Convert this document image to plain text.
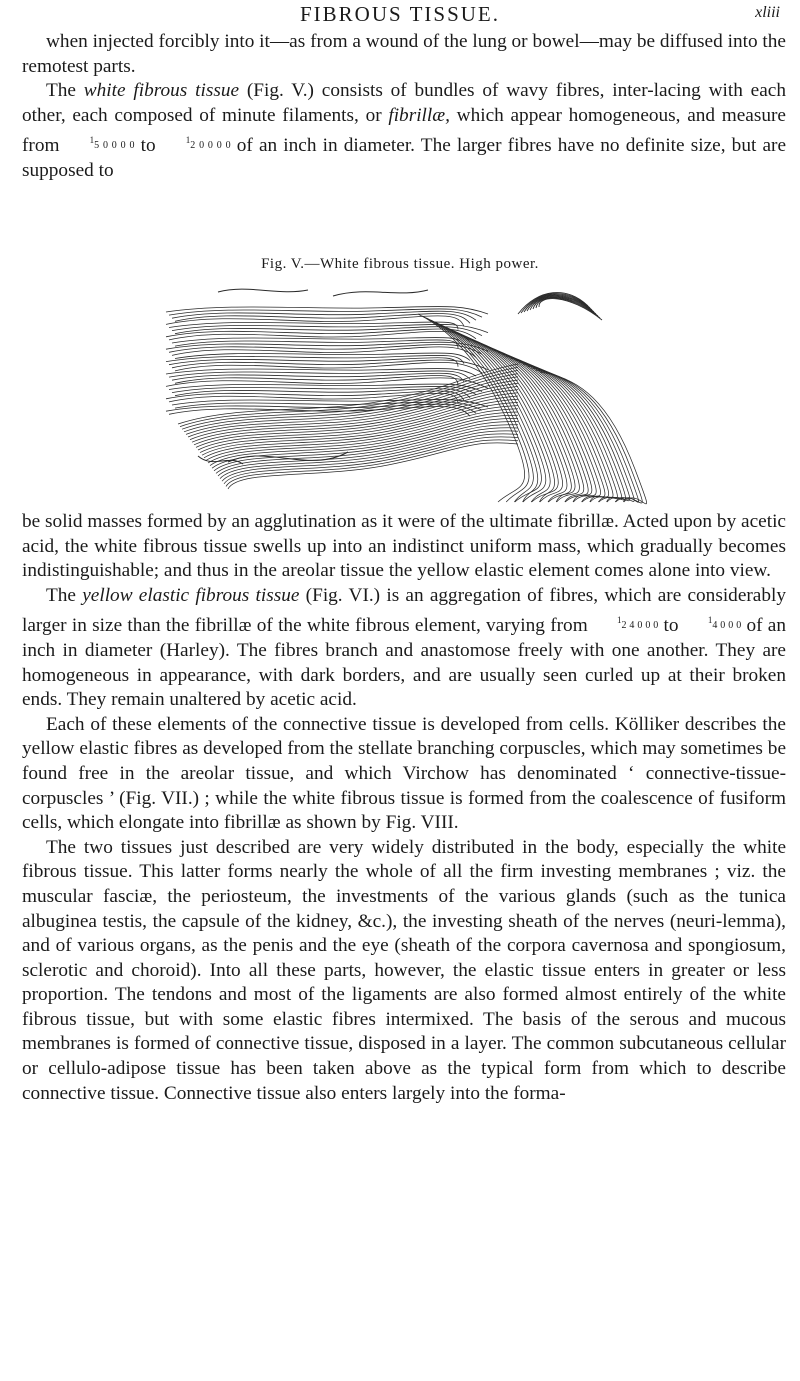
FIBROUS TISSUE.	xliii

when injected forcibly into it—as from a wound of the lung or bowel—may be diffused into the remotest parts.

The white fibrous tissue (Fig. V.) consists of bundles of wavy fibres, inter-lacing with each other, each composed of minute filaments, or fibrillæ, which appear homogeneous, and measure from	15 0 0 0 0 to	12 0 0 0 0 of an inch in diameter. The larger fibres have no definite size, but are supposed to

Fig. V.—White fibrous tissue. High power.

be solid masses formed by an agglutination as it were of the ultimate fibrillæ. Acted upon by acetic acid, the white fibrous tissue swells up into an indistinct uniform mass, which gradually becomes indistinguishable; and thus in the areolar tissue the yellow elastic element comes alone into view.

The yellow elastic fibrous tissue (Fig. VI.) is an aggregation of fibres, which are considerably larger in size than the fibrillæ of the white fibrous element, varying from	12 4 0 0 0 to	14 0 0 0 of an inch in diameter (Harley). The fibres branch and anastomose freely with one another. They are homogeneous in appearance, with dark borders, and are usually seen curled up at their broken ends. They remain unaltered by acetic acid.

Each of these elements of the connective tissue is developed from cells. Kölliker describes the yellow elastic fibres as developed from the stellate branching corpuscles, which may sometimes be found free in the areolar tissue, and which Virchow has denominated ‘ connective-tissue-corpuscles ’ (Fig. VII.) ; while the white fibrous tissue is formed from the coalescence of fusiform cells, which elongate into fibrillæ as shown by Fig. VIII.

The two tissues just described are very widely distributed in the body, especially the white fibrous tissue. This latter forms nearly the whole of all the firm investing membranes ; viz. the muscular fasciæ, the periosteum, the investments of the various glands (such as the tunica albuginea testis, the capsule of the kidney, &c.), the investing sheath of the nerves (neuri-lemma), and of various organs, as the penis and the eye (sheath of the corpora cavernosa and spongiosum, sclerotic and choroid). Into all these parts, however, the elastic tissue enters in greater or less proportion. The tendons and most of the ligaments are also formed almost entirely of the white fibrous tissue, but with some elastic fibres intermixed. The basis of the serous and mucous membranes is formed of connective tissue, disposed in a layer. The common subcutaneous cellular or cellulo-adipose tissue has been taken above as the typical form from which to describe connective tissue. Connective tissue also enters largely into the forma-
